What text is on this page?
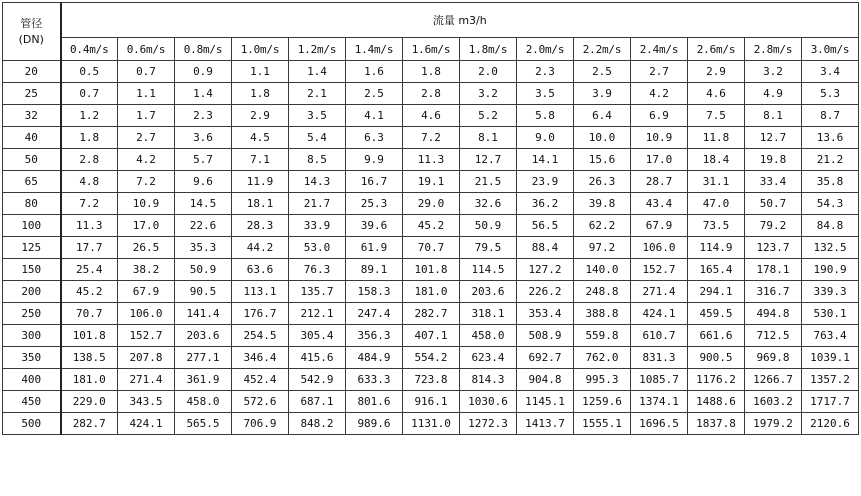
管径
(DN)	流量 m3/h													
	0.4m/s	0.6m/s	0.8m/s	1.0m/s	1.2m/s	1.4m/s	1.6m/s	1.8m/s	2.0m/s	2.2m/s	2.4m/s	2.6m/s	2.8m/s	3.0m/s
20	0.5	0.7	0.9	1.1	1.4	1.6	1.8	2.0	2.3	2.5	2.7	2.9	3.2	3.4
25	0.7	1.1	1.4	1.8	2.1	2.5	2.8	3.2	3.5	3.9	4.2	4.6	4.9	5.3
32	1.2	1.7	2.3	2.9	3.5	4.1	4.6	5.2	5.8	6.4	6.9	7.5	8.1	8.7
40	1.8	2.7	3.6	4.5	5.4	6.3	7.2	8.1	9.0	10.0	10.9	11.8	12.7	13.6
50	2.8	4.2	5.7	7.1	8.5	9.9	11.3	12.7	14.1	15.6	17.0	18.4	19.8	21.2
65	4.8	7.2	9.6	11.9	14.3	16.7	19.1	21.5	23.9	26.3	28.7	31.1	33.4	35.8
80	7.2	10.9	14.5	18.1	21.7	25.3	29.0	32.6	36.2	39.8	43.4	47.0	50.7	54.3
100	11.3	17.0	22.6	28.3	33.9	39.6	45.2	50.9	56.5	62.2	67.9	73.5	79.2	84.8
125	17.7	26.5	35.3	44.2	53.0	61.9	70.7	79.5	88.4	97.2	106.0	114.9	123.7	132.5
150	25.4	38.2	50.9	63.6	76.3	89.1	101.8	114.5	127.2	140.0	152.7	165.4	178.1	190.9
200	45.2	67.9	90.5	113.1	135.7	158.3	181.0	203.6	226.2	248.8	271.4	294.1	316.7	339.3
250	70.7	106.0	141.4	176.7	212.1	247.4	282.7	318.1	353.4	388.8	424.1	459.5	494.8	530.1
300	101.8	152.7	203.6	254.5	305.4	356.3	407.1	458.0	508.9	559.8	610.7	661.6	712.5	763.4
350	138.5	207.8	277.1	346.4	415.6	484.9	554.2	623.4	692.7	762.0	831.3	900.5	969.8	1039.1
400	181.0	271.4	361.9	452.4	542.9	633.3	723.8	814.3	904.8	995.3	1085.7	1176.2	1266.7	1357.2
450	229.0	343.5	458.0	572.6	687.1	801.6	916.1	1030.6	1145.1	1259.6	1374.1	1488.6	1603.2	1717.7
500	282.7	424.1	565.5	706.9	848.2	989.6	1131.0	1272.3	1413.7	1555.1	1696.5	1837.8	1979.2	2120.6
